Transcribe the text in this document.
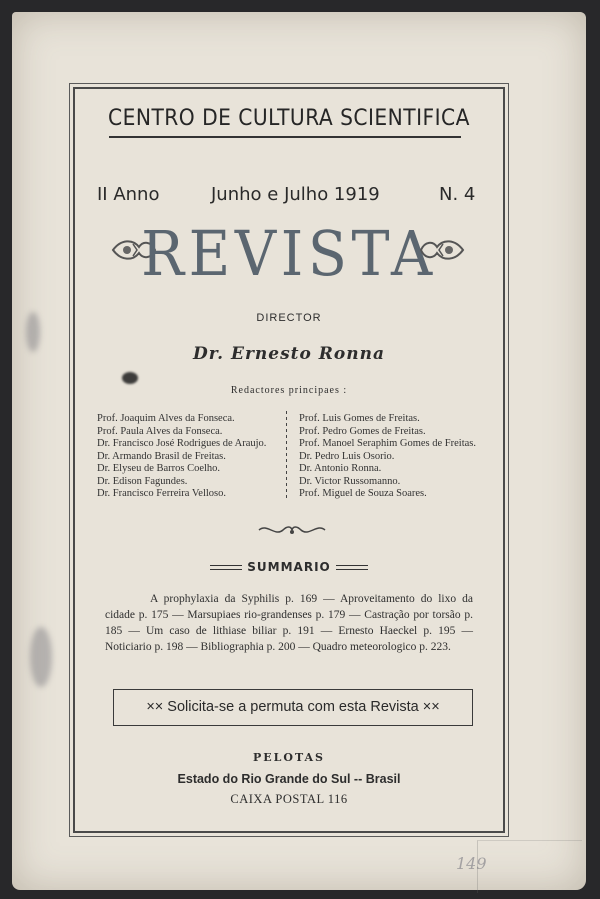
CENTRO DE CULTURA SCIENTIFICA
II Anno	Junho e Julho 1919	N. 4
REVISTA
DIRECTOR
Dr. Ernesto Ronna
Redactores principaes :
Prof. Joaquim Alves da Fonseca.
Prof. Paula Alves da Fonseca.
Dr. Francisco José Rodrigues de Araujo.
Dr. Armando Brasil de Freitas.
Dr. Elyseu de Barros Coelho.
Dr. Edison Fagundes.
Dr. Francisco Ferreira Velloso.
Prof. Luis Gomes de Freitas.
Prof. Pedro Gomes de Freitas.
Prof. Manoel Seraphim Gomes de Freitas.
Dr. Pedro Luis Osorio.
Dr. Antonio Ronna.
Dr. Victor Russomanno.
Prof. Miguel de Souza Soares.
SUMMARIO
A prophylaxia da Syphilis p. 169 — Aproveitamento do lixo da cidade p. 175 — Marsupiaes rio-grandenses p. 179 — Castração por torsão p. 185 — Um caso de lithiase biliar p. 191 — Ernesto Haeckel p. 195 — Noticiario p. 198 — Bibliographia p. 200 — Quadro meteorologico p. 223.
×× Solicita-se a permuta com esta Revista ××
PELOTAS
Estado do Rio Grande do Sul -- Brasil
CAIXA POSTAL 116
149
